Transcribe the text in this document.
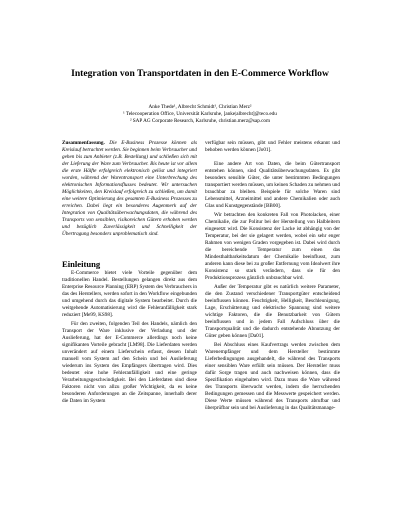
Integration von Transportdaten in den E-Commerce Workflow
Anke Thede¹, Albrecht Schmidt¹, Christian Merz²
¹ Telecooperation Office, Universität Karlsruhe, [anke|albrecht]@teco.edu
² SAP AG Corporate Research, Karlsruhe, christian.merz@sap.com
Zusammenfassung. Die E-Business Prozesse können als Kreislauf betrachtet werden. Sie beginnen beim Verbraucher und gehen bis zum Anbieter (z.B. Bestellung) und schließen sich mit der Lieferung der Ware zum Verbraucher. Bis heute ist vor allem die erste Hälfte erfolgreich elektronisch gelöst und integriert worden, während der Warentransport eine Unterbrechung des elektronischen Informationsflusses bedeutet. Wir untersuchen Möglichkeiten, den Kreislauf erfolgreich zu schließen, um damit eine weitere Optimierung des gesamten E-Business Prozesses zu erreichen. Dabei liegt ein besonderes Augenmerk auf der Integration von Qualitätsüberwachungsdaten, die während des Transports von sensiblen, risikoreichen Gütern erhoben werden und bezüglich Zuverlässigkeit und Schnelligkeit der Übertragung besonders unproblematisch sind.
Einleitung

E-Commerce bietet viele Vorteile gegenüber dem traditionellen Handel. Bestellungen gelangen direkt aus dem Enterprise Resource Planning (ERP) System des Verbrauchers in das des Herstellers, werden sofort in den Workflow eingebunden und umgehend durch das digitale System bearbeitet. Durch die weitgehende Automatisierung wird die Fehleranfälligkeit stark reduziert [Me99, KS98].

Für den zweiten, folgenden Teil des Handels, nämlich den Transport der Ware inklusive der Verladung und der Auslieferung, hat der E-Commerce allerdings noch keine signifikanten Vorteile gebracht [LM98]. Die Lieferdaten werden unverändert auf einem Lieferschein erfasst, dessen Inhalt manuell vom System auf den Schein und bei Auslieferung wiederum ins System des Empfängers übertragen wird. Dies bedeutet eine hohe Fehleranfälligkeit und eine geringe Verarbeitungsgeschwindigkeit. Bei den Lieferdaten sind diese Faktoren nicht von allzu großer Wichtigkeit, da es keine besonderen Anforderungen an die Zeitspanne, innerhalb derer die Daten im System

verfügbar sein müssen, gibt und Fehler meistens erkannt und behoben werden können [Jo01].

Eine andere Art von Daten, die beim Gütertransport entstehen können, sind Qualitätsüberwachungsdaten. Es gibt besonders sensible Güter, die unter bestimmten Bedingungen transportiert werden müssen, um keinen Schaden zu nehmen und brauchbar zu bleiben. Beispiele für solche Waren sind Lebensmittel, Arzneimittel und andere Chemikalien oder auch Glas und Kunstgegenstände [BB00].

Wir betrachten den konkreten Fall von Photolacken, einer Chemikalie, die zur Politur bei der Herstellung von Halbleitern eingesetzt wird. Die Konsistenz der Lacke ist abhängig von der Temperatur, bei der sie gelagert werden, wobei ein sehr enger Rahmen von wenigen Graden vorgegeben ist. Dabei wird durch die bereichende Temperatur zum einen das Mindesthaltbarkeitsdatum der Chemikalie beeinflusst, zum anderen kann diese bei zu großer Entfernung vom Idealwert ihre Konsistenz so stark verändern, dass sie für den Produktionsprozess gänzlich unbrauchbar wird.

Außer der Temperatur gibt es natürlich weitere Parameter, die den Zustand verschiedener Transportgüter entscheidend beeinflussen können. Feuchtigkeit, Helligkeit, Beschleunigung, Lage, Erschütterung und elektrische Spannung sind weitere wichtige Faktoren, die die Benutzbarkeit von Gütern beeinflussen und in jedem Fall Aufschluss über die Transportqualität und die dadurch entstehende Abnutzung der Güter geben können [Da01].

Bei Abschluss eines Kaufvertrags werden zwischen dem Warenempfänger und dem Hersteller bestimmte Lieferbedingungen ausgehandelt, die während des Transports einer sensiblen Ware erfüllt sein müssen. Der Hersteller muss dafür Sorge tragen und auch nachweisen können, dass die Spezifikation eingehalten wird. Dazu muss die Ware während des Transports überwacht werden, indem die herrschenden Bedingungen gemessen und die Messwerte gespeichert werden. Diese Werte müssen während des Transports abrufbar und überprüfbar sein und bei Auslieferung in das Qualitätsmanage-
